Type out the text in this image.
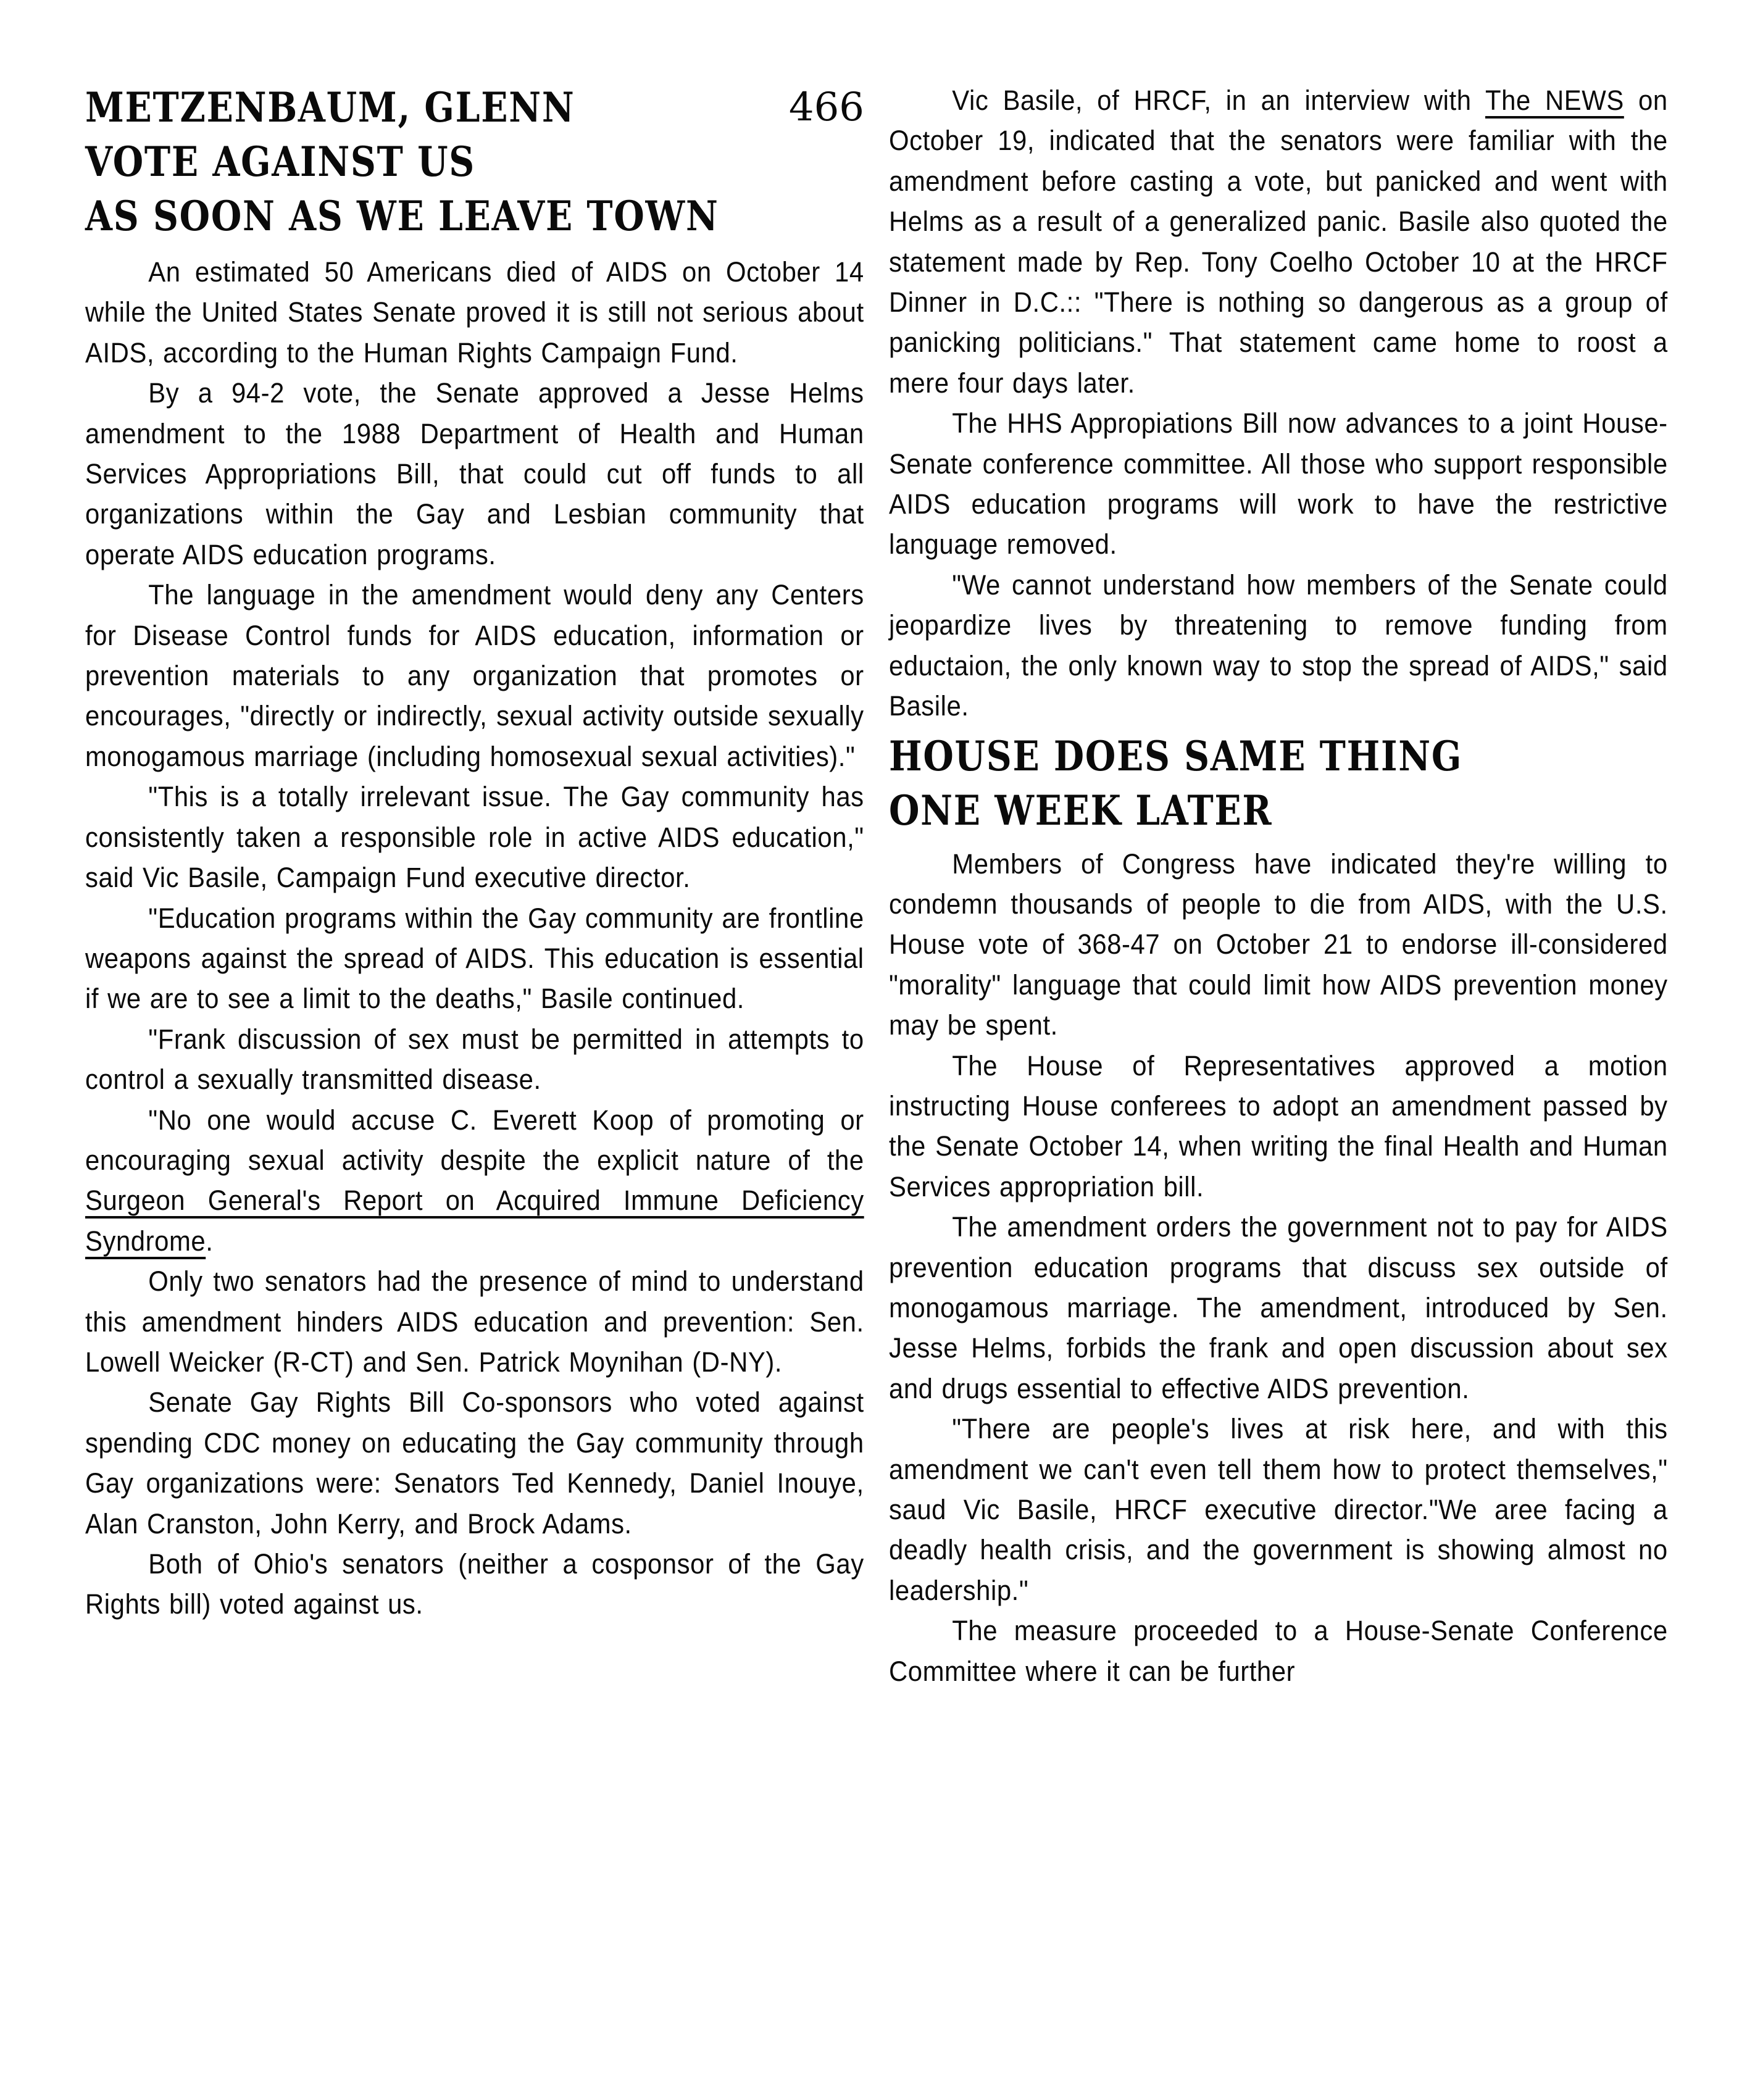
METZENBAUM, GLENN	466
VOTE AGAINST US
AS SOON AS WE LEAVE TOWN

An estimated 50 Americans died of AIDS on October 14 while the United States Senate proved it is still not serious about AIDS, according to the Human Rights Campaign Fund.

By a 94-2 vote, the Senate approved a Jesse Helms amendment to the 1988 Department of Health and Human Services Appropriations Bill, that could cut off funds to all organizations within the Gay and Lesbian community that operate AIDS education programs.

The language in the amendment would deny any Centers for Disease Control funds for AIDS education, information or prevention materials to any organization that promotes or encourages, "directly or indirectly, sexual activity outside sexually monogamous marriage (including homosexual sexual activities)."

"This is a totally irrelevant issue. The Gay community has consistently taken a responsible role in active AIDS education," said Vic Basile, Campaign Fund executive director.

"Education programs within the Gay community are frontline weapons against the spread of AIDS. This education is essential if we are to see a limit to the deaths," Basile continued.

"Frank discussion of sex must be permitted in attempts to control a sexually transmitted disease.

"No one would accuse C. Everett Koop of promoting or encouraging sexual activity despite the explicit nature of the Surgeon General's Report on Acquired Immune Deficiency Syndrome.

Only two senators had the presence of mind to understand this amendment hinders AIDS education and prevention: Sen. Lowell Weicker (R-CT) and Sen. Patrick Moynihan (D-NY).

Senate Gay Rights Bill Co-sponsors who voted against spending CDC money on educating the Gay community through Gay organizations were: Senators Ted Kennedy, Daniel Inouye, Alan Cranston, John Kerry, and Brock Adams.

Both of Ohio's senators (neither a cosponsor of the Gay Rights bill) voted against us.

Vic Basile, of HRCF, in an interview with The NEWS on October 19, indicated that the senators were familiar with the amendment before casting a vote, but panicked and went with Helms as a result of a generalized panic. Basile also quoted the statement made by Rep. Tony Coelho October 10 at the HRCF Dinner in D.C.:: "There is nothing so dangerous as a group of panicking politicians." That statement came home to roost a mere four days later.

The HHS Appropiations Bill now advances to a joint House-Senate conference committee. All those who support responsible AIDS education programs will work to have the restrictive language removed.

"We cannot understand how members of the Senate could jeopardize lives by threatening to remove funding from eductaion, the only known way to stop the spread of AIDS," said Basile.

HOUSE DOES SAME THING
ONE WEEK LATER

Members of Congress have indicated they're willing to condemn thousands of people to die from AIDS, with the U.S. House vote of 368-47 on October 21 to endorse ill-considered "morality" language that could limit how AIDS prevention money may be spent.

The House of Representatives approved a motion instructing House conferees to adopt an amendment passed by the Senate October 14, when writing the final Health and Human Services appropriation bill.

The amendment orders the government not to pay for AIDS prevention education programs that discuss sex outside of monogamous marriage. The amendment, introduced by Sen. Jesse Helms, forbids the frank and open discussion about sex and drugs essential to effective AIDS prevention.

"There are people's lives at risk here, and with this amendment we can't even tell them how to protect themselves," saud Vic Basile, HRCF executive director."We aree facing a deadly health crisis, and the government is showing almost no leadership."

The measure proceeded to a House-Senate Conference Committee where it can be further
